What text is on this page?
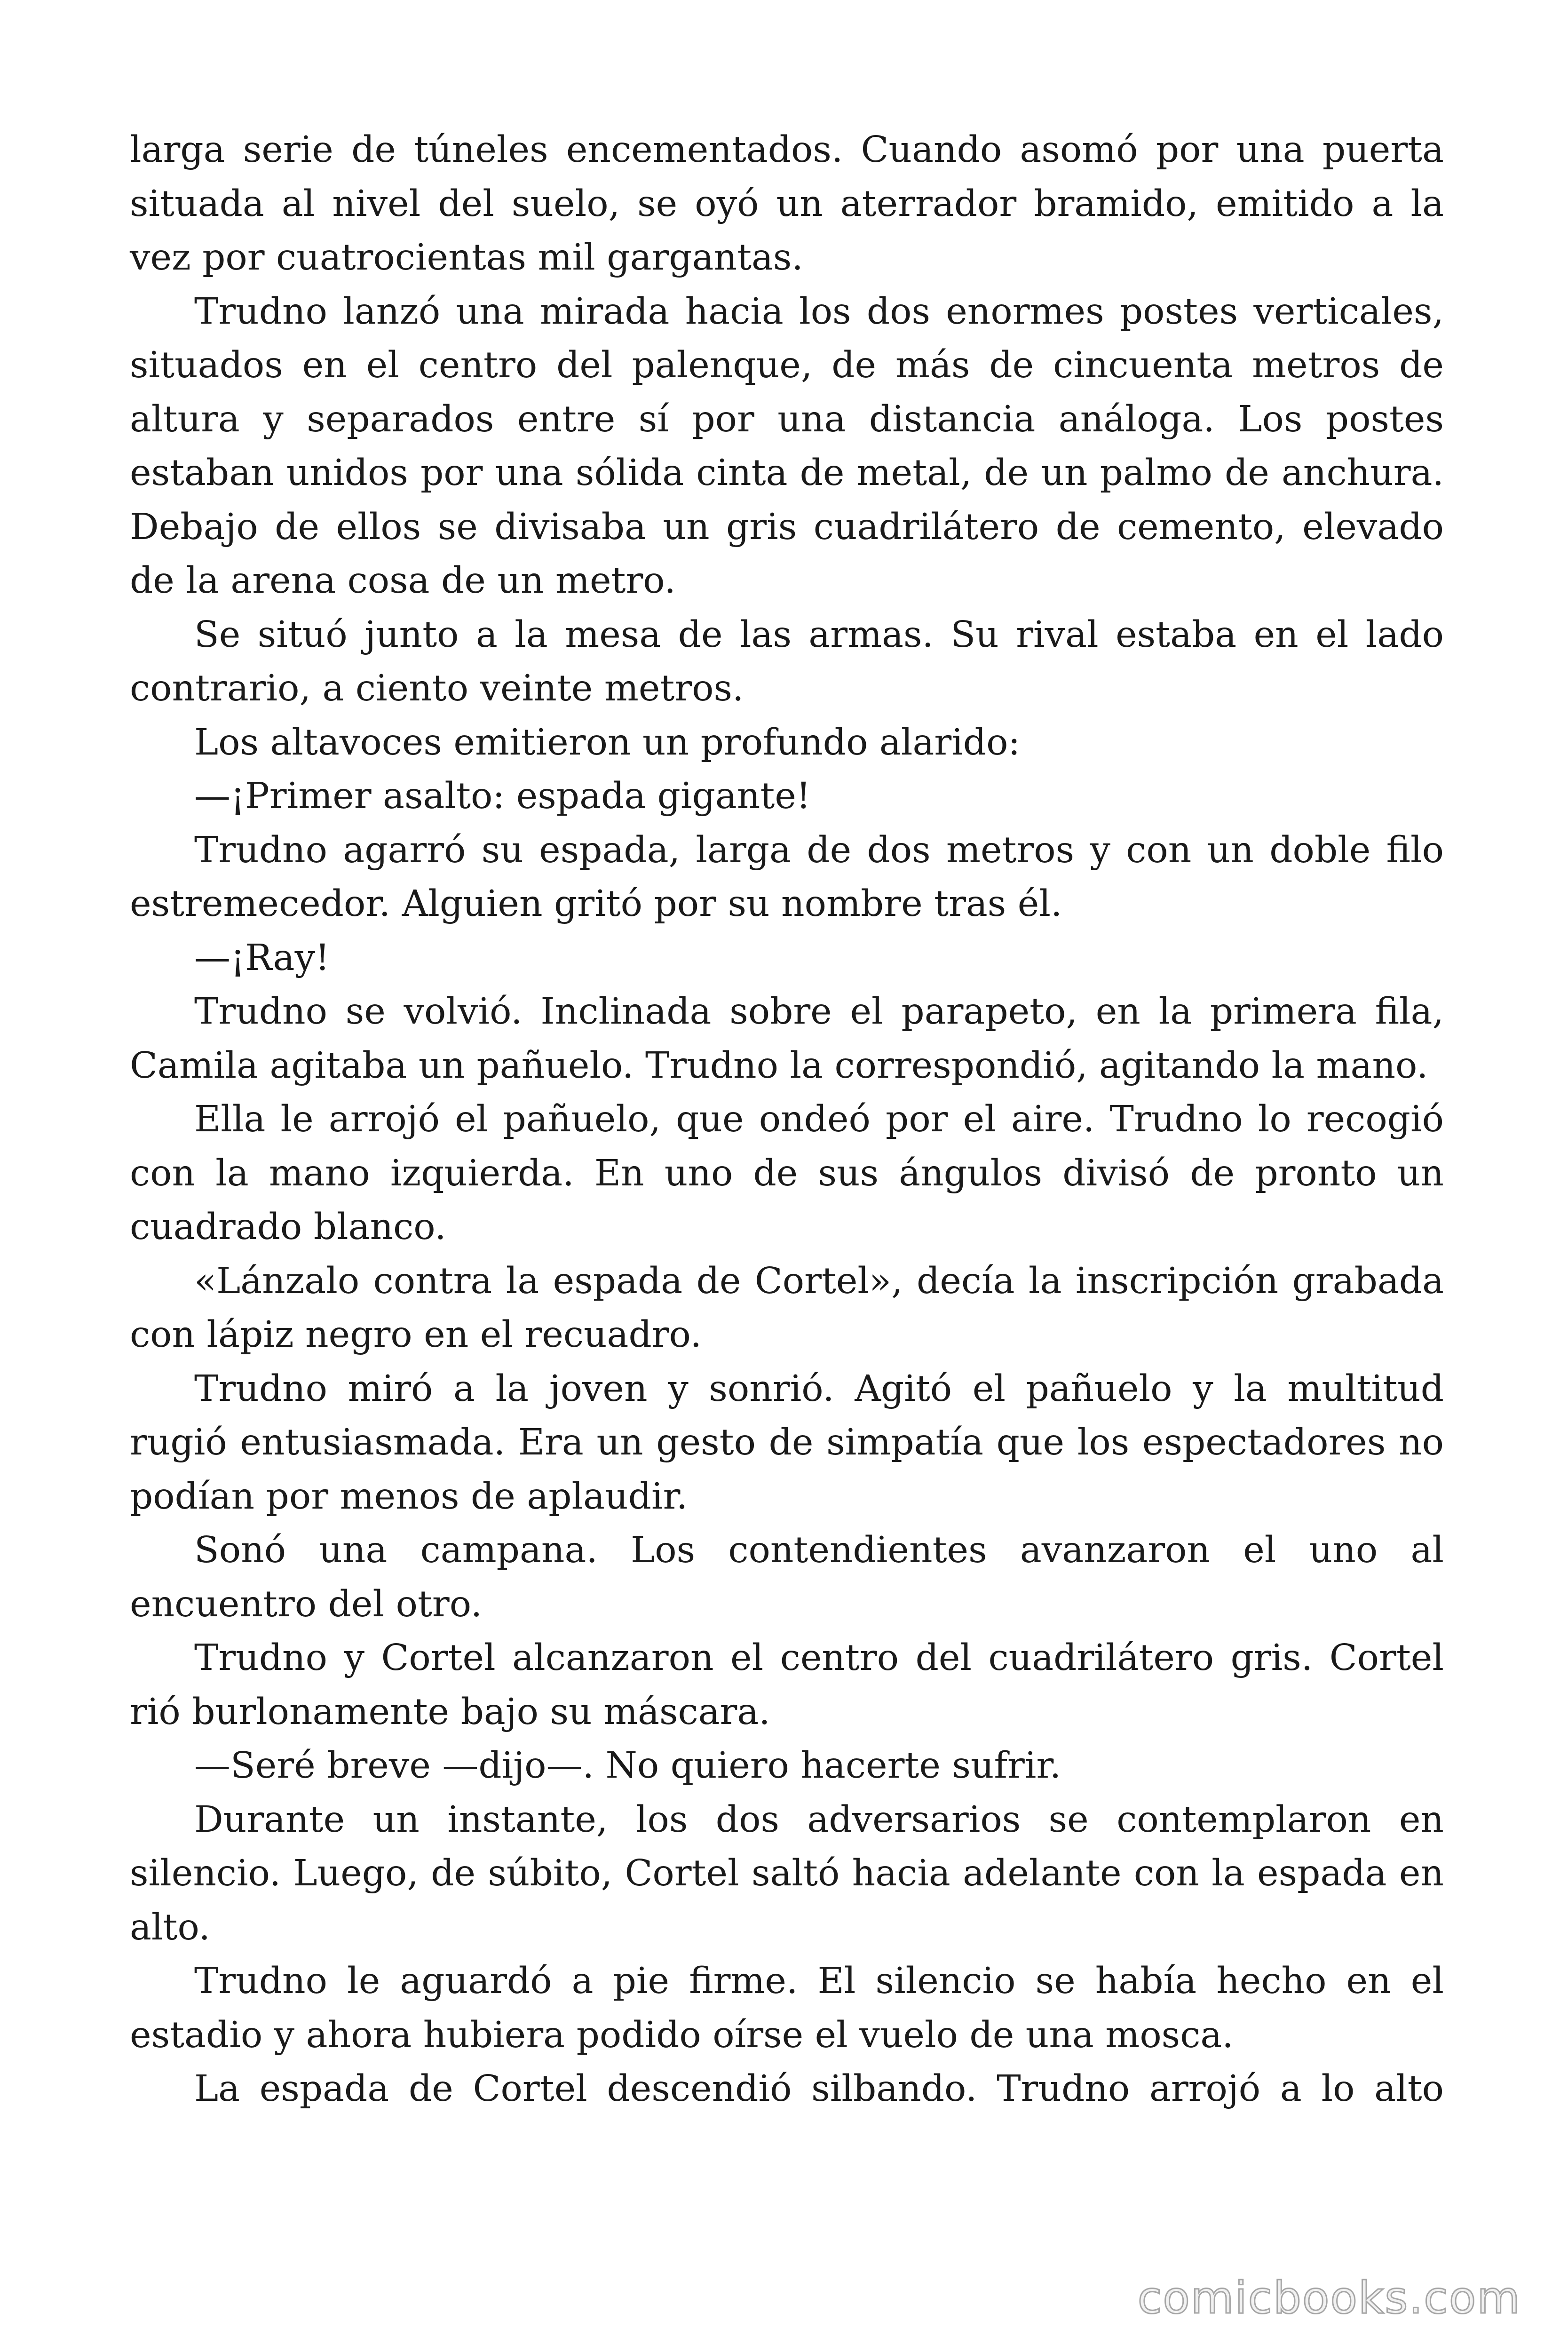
larga serie de túneles encementados. Cuando asomó por una puerta situada al nivel del suelo, se oyó un aterrador bramido, emitido a la vez por cuatrocientas mil gargantas.

Trudno lanzó una mirada hacia los dos enormes postes verticales, situados en el centro del palenque, de más de cincuenta metros de altura y separados entre sí por una distancia análoga. Los postes estaban unidos por una sólida cinta de metal, de un palmo de anchura. Debajo de ellos se divisaba un gris cuadrilátero de cemento, elevado de la arena cosa de un metro.

Se situó junto a la mesa de las armas. Su rival estaba en el lado contrario, a ciento veinte metros.

Los altavoces emitieron un profundo alarido:

—¡Primer asalto: espada gigante!

Trudno agarró su espada, larga de dos metros y con un doble filo estremecedor. Alguien gritó por su nombre tras él.

—¡Ray!

Trudno se volvió. Inclinada sobre el parapeto, en la primera fila, Camila agitaba un pañuelo. Trudno la correspondió, agitando la mano.

Ella le arrojó el pañuelo, que ondeó por el aire. Trudno lo recogió con la mano izquierda. En uno de sus ángulos divisó de pronto un cuadrado blanco.

«Lánzalo contra la espada de Cortel», decía la inscripción grabada con lápiz negro en el recuadro.

Trudno miró a la joven y sonrió. Agitó el pañuelo y la multitud rugió entusiasmada. Era un gesto de simpatía que los espectadores no podían por menos de aplaudir.

Sonó una campana. Los contendientes avanzaron el uno al encuentro del otro.

Trudno y Cortel alcanzaron el centro del cuadrilátero gris. Cortel rió burlonamente bajo su máscara.

—Seré breve —dijo—. No quiero hacerte sufrir.

Durante un instante, los dos adversarios se contemplaron en silencio. Luego, de súbito, Cortel saltó hacia adelante con la espada en alto.

Trudno le aguardó a pie firme. El silencio se había hecho en el estadio y ahora hubiera podido oírse el vuelo de una mosca.

La espada de Cortel descendió silbando. Trudno arrojó a lo alto

comicbooks.com
